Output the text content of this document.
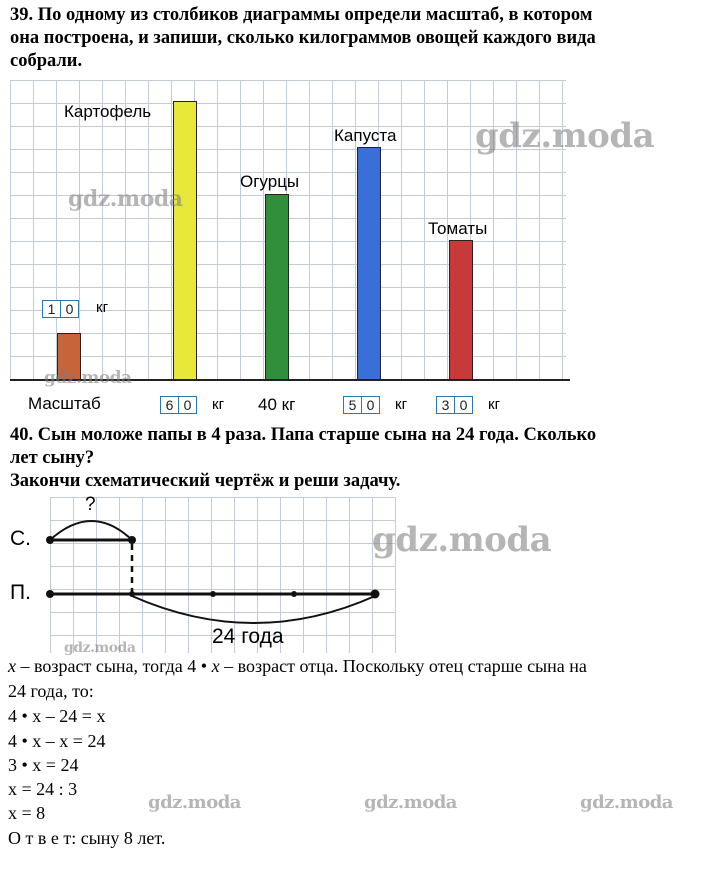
39. По одному из столбиков диаграммы определи масштаб, в котором

она построена, и запиши, сколько килограммов овощей каждого вида

собрали.

Картофель
Огурцы
Капуста
Томаты
1 0	кг
Масштаб	6 0	кг 40 кг	5 0	кг	3 0	кг

40. Сын моложе папы в 4 раза. Папа старше сына на 24 года. Сколько

лет сыну?

Закончи схематический чертёж и реши задачу.

?
С.
П.
24 года

x – возраст сына, тогда 4 • x – возраст отца. Поскольку отец старше сына на

24 года, то:

4 • x – 24 = x

4 • x – x = 24

3 • x = 24

x = 24 : 3

x = 8

О т в е т: сыну 8 лет.

gdz.moda
gdz.moda
gdz.moda
gdz.moda
gdz.moda
gdz.moda	gdz.moda	gdz.moda
